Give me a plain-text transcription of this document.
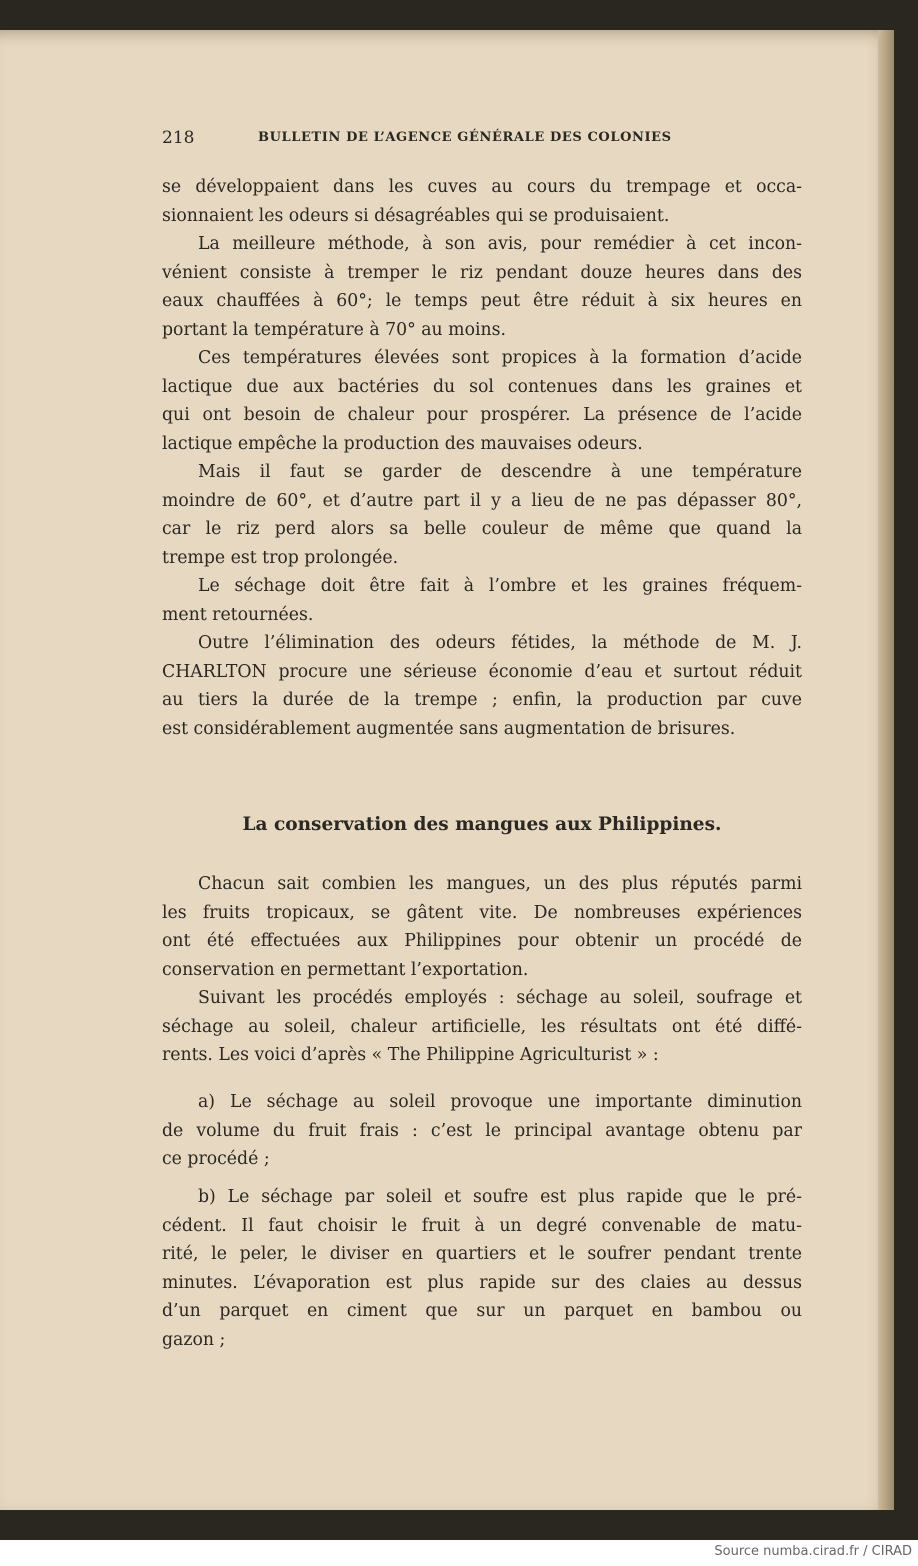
218	BULLETIN DE L’AGENCE GÉNÉRALE DES COLONIES
se développaient dans les cuves au cours du trempage et occa-
sionnaient les odeurs si désagréables qui se produisaient.
La meilleure méthode, à son avis, pour remédier à cet incon-
vénient consiste à tremper le riz pendant douze heures dans des
eaux chauffées à 60°; le temps peut être réduit à six heures en
portant la température à 70° au moins.
Ces températures élevées sont propices à la formation d’acide
lactique due aux bactéries du sol contenues dans les graines et
qui ont besoin de chaleur pour prospérer. La présence de l’acide
lactique empêche la production des mauvaises odeurs.
Mais il faut se garder de descendre à une température
moindre de 60°, et d’autre part il y a lieu de ne pas dépasser 80°,
car le riz perd alors sa belle couleur de même que quand la
trempe est trop prolongée.
Le séchage doit être fait à l’ombre et les graines fréquem-
ment retournées.
Outre l’élimination des odeurs fétides, la méthode de M. J.
CHARLTON procure une sérieuse économie d’eau et surtout réduit
au tiers la durée de la trempe ; enfin, la production par cuve
est considérablement augmentée sans augmentation de brisures.
La conservation des mangues aux Philippines.
Chacun sait combien les mangues, un des plus réputés parmi
les fruits tropicaux, se gâtent vite. De nombreuses expériences
ont été effectuées aux Philippines pour obtenir un procédé de
conservation en permettant l’exportation.
Suivant les procédés employés : séchage au soleil, soufrage et
séchage au soleil, chaleur artificielle, les résultats ont été diffé-
rents. Les voici d’après « The Philippine Agriculturist » :
a) Le séchage au soleil provoque une importante diminution
de volume du fruit frais : c’est le principal avantage obtenu par
ce procédé ;
b) Le séchage par soleil et soufre est plus rapide que le pré-
cédent. Il faut choisir le fruit à un degré convenable de matu-
rité, le peler, le diviser en quartiers et le soufrer pendant trente
minutes. L’évaporation est plus rapide sur des claies au dessus
d’un parquet en ciment que sur un parquet en bambou ou
gazon ;
Source numba.cirad.fr / CIRAD
